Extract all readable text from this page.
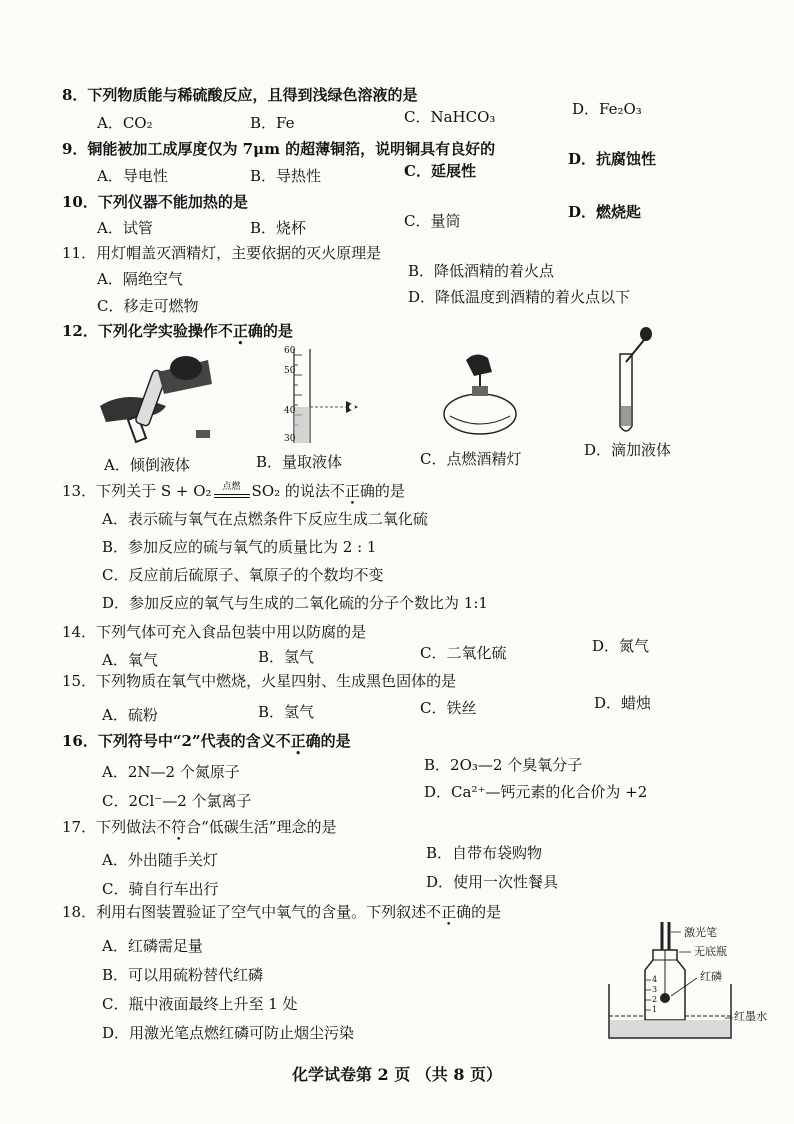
8．下列物质能与稀硫酸反应，且得到浅绿色溶液的是
A．CO₂	B．Fe	C．NaHCO₃	D．Fe₂O₃
9．铜能被加工成厚度仅为 7μm 的超薄铜箔，说明铜具有良好的
A．导电性	B．导热性	C．延展性
D．抗腐蚀性
10．下列仪器不能加热的是
A．试管	B．烧杯	C．量筒	D．燃烧匙
11．用灯帽盖灭酒精灯，主要依据的灭火原理是
A．隔绝空气	B．降低酒精的着火点
C．移走可燃物	D．降低温度到酒精的着火点以下
12．下列化学实验操作不正确的是
60
50
40
30
A．倾倒液体	B．量取液体	C．点燃酒精灯	D．滴加液体
13．下列关于 S + O₂ 点燃 SO₂ 的说法不正确的是
A．表示硫与氧气在点燃条件下反应生成二氧化硫
B．参加反应的硫与氧气的质量比为 2 : 1
C．反应前后硫原子、氧原子的个数均不变
D．参加反应的氧气与生成的二氧化硫的分子个数比为 1:1
14．下列气体可充入食品包装中用以防腐的是
A．氧气	B．氢气	C．二氧化硫	D．氮气
15．下列物质在氧气中燃烧，火星四射、生成黑色固体的是
A．硫粉	B．氢气	C．铁丝	D．蜡烛
16．下列符号中“2”代表的含义不正确的是
A．2N—2 个氮原子	B．2O₃—2 个臭氧分子
C．2Cl⁻—2 个氯离子	D．Ca²⁺—钙元素的化合价为 +2
17．下列做法不符合“低碳生活”理念的是
A．外出随手关灯	B．自带布袋购物
C．骑自行车出行	D．使用一次性餐具
18．利用右图装置验证了空气中氧气的含量。下列叙述不正确的是
A．红磷需足量
B．可以用硫粉替代红磷
C．瓶中液面最终上升至 1 处
D．用激光笔点燃红磷可防止烟尘污染
激光笔
无底瓶
红磷
红墨水
4
3
2
1
化学试卷第 2 页 （共 8 页）
